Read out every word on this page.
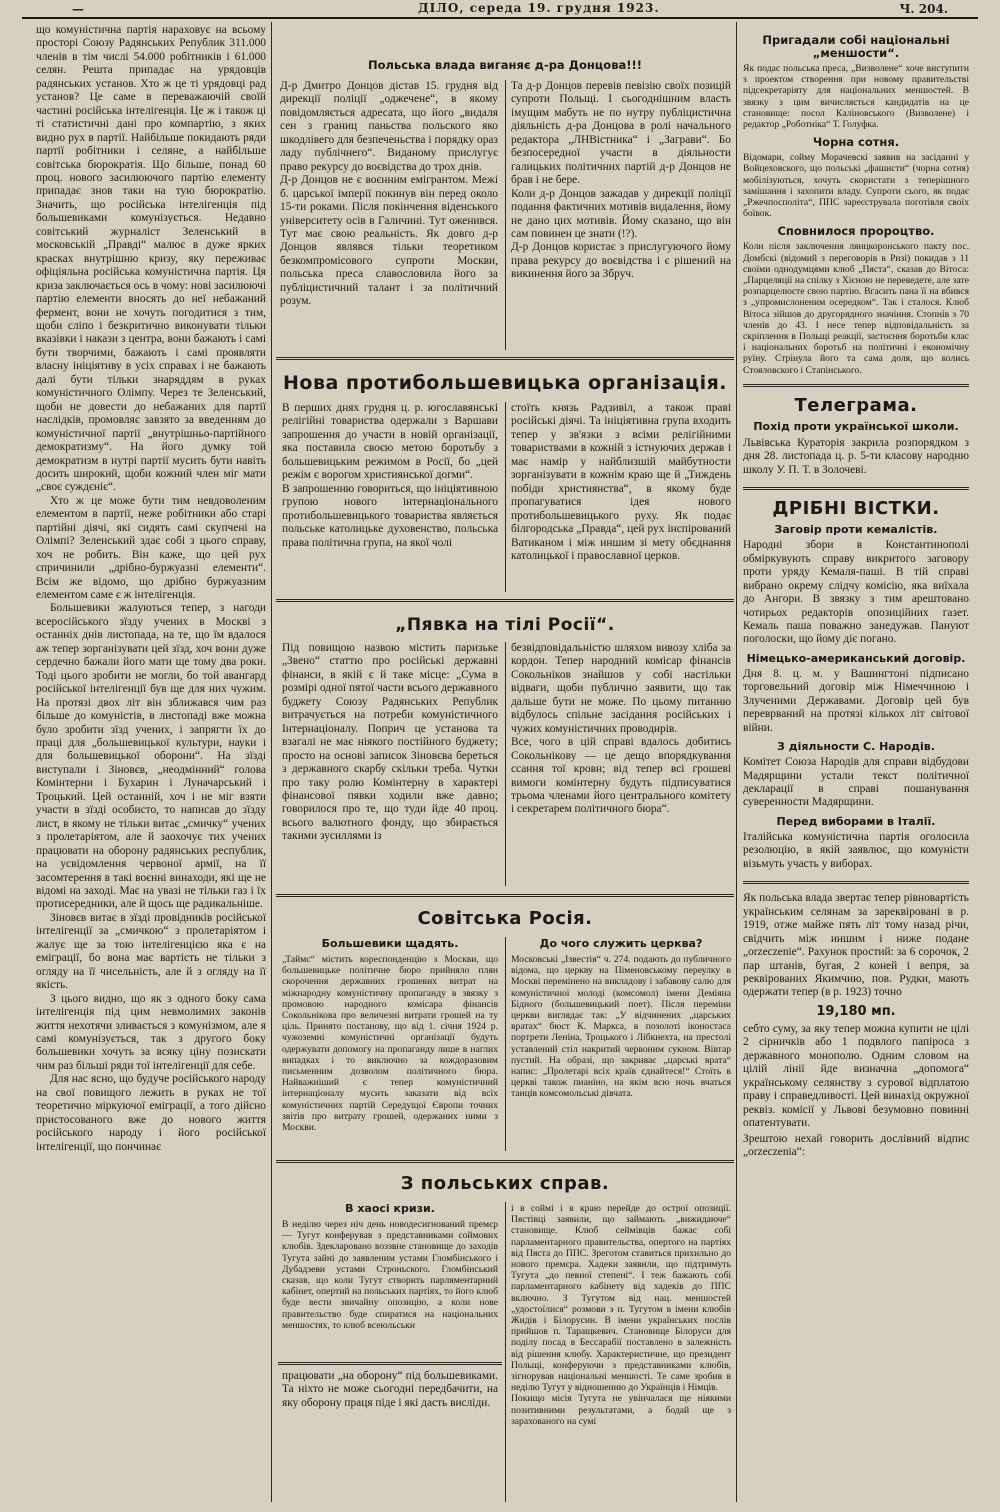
—	ДІЛО, середа 19. грудня 1923.	Ч. 204.

що комуністична партія нараховує на всьому просторі Союзу Радянських Републик 311.000 членів в тім числі 54.000 робітників і 61.000 селян. Решта припадає на урядовців радянських установ. Хто ж це ті урядовці рад установ? Це саме в переважаючій своїй частині російська інтелігенція. Це ж і також ці ті статистичні дані про компартію, з яких видно рух в партії. Найбільше покидають ряди партії робітники і селяне, а найбільше совітська бюрократія. Що більше, понад 60 проц. нового засилюючого партію елементу припадає знов таки на тую бюрократію. Значить, що російська інтелігенція під большевиками комунізується. Недавно совітський журналіст Зеленський в московській „Правді“ малює в дуже ярких красках внутрішню кризу, яку переживає офіціяльна російська комуністична партія. Ця криза заключається ось в чому: нові засилюючі партію елементи вносять до неї небажаний фермент, вони не хочуть погодитися з тим, щоби сліпо і безкритично виконувати тільки вказівки і накази з центра, вони бажають і самі бути творчими, бажають і самі проявляти власну ініціятиву в усіх справах і не бажають далі бути тільки знаряддям в руках комуністичного Олімпу. Через те Зеленський, щоби не довести до небажаних для партії наслідків, промовляє завзято за введенням до комуністичної партії „внутрішньо-партійного демократизму“. На його думку той демократизм в нутрі партії мусить бути навіть досить широкий, щоби кожний член міг мати „своє суждєніє“.

Хто ж це може бути тим невдоволеним елементом в партії, неже робітники або старі партійні діячі, які сидять самі скупчені на Олімпі? Зеленський здає собі з цього справу, хоч не робить. Він каже, що цей рух спричинили „дрібно-буржуазні елементи“. Всім же відомо, що дрібно буржуазним елементом саме є ж інтелігенція.

Большевики жалуються тепер, з нагоди всеросійського зїзду учених в Москві з останніх днів листопада, на те, що їм вдалося аж тепер зорганізувати цей зїзд, хоч вони дуже сердечно бажали його мати ще тому два роки. Тоді цього зробити не могли, бо той авангард російської інтелігенції був ще для них чужим. На протязі двох літ він зближався чим раз більше до комуністів, в листопаді вже можна було зробити зїзд учених, і запрягти їх до праці для „большевицької культури, науки і для большевицької оборони“. На зїзді виступали і Зіновєв, „неодмінний“ голова Комінтерни і Бухарин і Луначарський і Троцький. Цей останній, хоч і не міг взяти участи в зїзді особисто, то написав до зїзду лист, в якому не тільки витає „смичку“ учених з пролетаріятом, але й заохочує тих учених працювати на оборону радянських республик, на усвідомлення червоної армії, на її засомтерення в такі воєнні винаходи, які ще не відомі на заході. Має на увазі не тільки газ і їх протисередники, але й щось ще радикальніше.

Зіновєв витає в зїзді провідників російської інтелігенції за „смичкою“ з пролетаріятом і жалує ще за тою інтелігенцією яка є на еміграції, бо вона має вартість не тільки з огляду на її чисельність, але й з огляду на її якість.

З цього видно, що як з одного боку сама інтелігенція під цим невмолимих законів життя нехотячи зливається з комунізмом, але я самі комунізується, так з другого боку большевики хочуть за всяку ціну позискати чим раз більші ряди тої інтелігенції для себе.

Для нас ясно, що будуче російського народу на свої повищого лежить в руках не тої теоретично міркуючої еміграції, а того дійсно пристосованого вже до нового життя російського народу і його російської інтелігенції, що пончинає

Польська влада виганяє д-ра Донцова!!!
Д-р Дмитро Донцов дістав 15. грудня від дирекції поліції „оджечене“, в якому повідомляється адресата, що його „видаля сен з границ паньства польского яко шкодлівего для безпеченьства і порядку ораз ладу публічнего“. Виданому прислугує право рекурсу до воєвідства до трох днів.
Д-р Донцов не є воєнним емігрантом. Межі б. царської імперії покинув він перед около 15-ти роками. Після покінчення віденського університету осів в Галичині. Тут оженився. Тут має свою реальність. Як довго д-р Донцов являвся тільки теоретиком безкомпромісового супроти Москви, польська преса славословила його за публіцистичний талант і за політичний розум.
Та д-р Донцов перевів певізію своїх позицій супроти Польщі. І сьогоднішним власть імущим мабуть не по нутру публіцистична діяльність д-ра Донцова в ролі начального редактора „ЛНВістника“ і „Заграви“. Бо безпосередної участи в діяльности галицьких політичних партій д-р Донцов не брав і не бере.
Коли д-р Донцов зажадав у дирекції поліції подання фактичних мотивів видалення, йому не дано цих мотивів. Йому сказано, що він сам повинен це знати (!?).
Д-р Донцов користає з прислугуючого йому права рекурсу до воєвідства і є рішений на викинення його за Збруч.
Нова протибольшевицька організація.
В перших днях грудня ц. р. югославянські релігійні товариства одержали з Варшави запрошення до участи в новій організації, яка поставила своєю метою боротьбу з большевицьким режимом в Росії, бо „цей режім є ворогом християнської догми“.
В запрошенню говориться, що ініціятивною групою нового інтернаціонального протибольшевицького товариства являється польське католицьке духовенство, польська права політична група, на якої чолі
стоїть князь Радзивіл, а також праві російські діячі. Та ініціятивна група входить тепер у зв'язки з всіми релігійними товариствами в кожній з істнуючих держав і має намір у найблизшій майбутности зорганізувати в кожнім краю ще й „Тиждень побіди християнства“, в якому буде пропагуватися ідея нового протибольшевицького руху. Як подає білгородська „Правда“, цей рух інспірований Ватиканом і між иншим зі мету обєднання католицької і православної церков.
„Пявка на тілі Росії“.
Під повищою назвою містить паризьке „Звено“ статтю про російські державні фінанси, в якій є й таке місце: „Сума в розмірі одної пятої части всього державного буджету Союзу Радянських Републик витрачується на потреби комуністичного Інтернаціоналу. Поприч це установа та взагалі не має ніякого постійного буджету; просто на основі записок Зіновєва береться з державного скарбу скільки треба. Чутки про таку ролю Комінтерну в характері фінансової пявки ходили вже давно; говорилося про те, що туди йде 40 проц. всього валютного фонду, що збирається такими зусиллями із
безвідповідальністю шляхом вивозу хліба за кордон. Тепер народний комісар фінансів Сокольніков знайшов у собі настільки відваги, щоби публично заявити, що так дальше бути не може. По цьому питанню відбулось спільне засідання російських і чужих комуністичних проводирів.
Все, чого в цій справі вдалось добитись Сокольнікову — це дещо впорядкування ссання тої кровн; від тепер всі грошеві вимоги комінтерну будуть підписуватися трьома членами його центрального комітету і секретарем політичного бюра“.
Совітська Росія.
Большевики щадять.
„Таймс“ містить кореспонденцію з Москви, що большевицьке політичне бюро прийняло плян скорочення державних грошевих витрат на міжнародну комуністичну пропаганду в звязку з промовою народного комісара фінансів Сокольнікова про величезні витрати грошей на ту ціль. Принято постанову, що від 1. січня 1924 р. чужоземні комуністичні організації будуть одержувати допомогу на пропаганду лише в наглих випадках і то виключно за кождоразовим письменним дозволом політичного бюра. Найважніший є тепер комуністичний інтернаціоналу мусить заказати від всіх комуністичних партій Середущої Європи точних звітів про витрату грошей, одержаних ними з Москви.
До чого служить церква?
Московські „Ізвестія“ ч. 274. подають до публичного відома, що церкву на Піменовському переулку в Москві перемінено на викладову і забавову салю для комуністичної молоді (комсомол) імени Деміяна Бідного (большевицький поет). Після переміни церкви виглядає так: „У відчинених „царських вратах“ бюст К. Маркса, в позолоті іконостаса портрети Леніна, Троцького і Лібкнехта, на престолі уставлений стіл накритий червоним сукном. Вівтар пустий. На образі, що закриває „царські врата“ напис: „Пролетарі всіх країв єднайтеся!“ Стоїть в церкві також пианіно, на якім всю ночь вчаться танців комсомольські дівчата.
З польських справ.
В хаосі кризи.
В неділю через ніч день новодесигнований премєр — Тугут конферував з представниками соймових клюбів. Здекларовано воззвне становище до заходів Тугута зайні до заявленим устами Гломбінського і Дубадзеви устами Строньского. Гломбінський сказав, що коли Тугут створить парляментарний кабінет, опертий на польських партіях, то його клюб буде вести звичайну опозицію, а коли нове правительство буде спиратися на національних меншостях, то клюб всеюльськи
і в соймі і в краю перейде до острої опозиції. Пястівці заявили, що займають „вижидаюче“ становище. Клюб сеймівців бажає собі парламентарного правительства, опертого на партіях від Пяста до ППС. Зреготом ставиться прихильно до нового премєра. Хадеки заявили, що підтримуть Тугута „до певної степені“. І теж бажають собі парламентарного кабінету від хадеків до ППС включно. З Тугутом від нац. меншостей „удостоїлися“ розмови з п. Тугутом в імени клюбів Жидів і Білорусин. В імени українських послів прийшов п. Таращкевич. Становище Білоруси для поділу посад в Бессарабії поставлено в залежність від рішення клюбу. Характеристичне, що президент Польщі, конферуючи з представниками клюбів, зігнорував національні меншості. Те саме зробив в неділю Тугут у відношенню до Українців і Німців.
Покищо місія Тугута не увінчалася ще ніякими позитивними результатами, а бодай ще з зарахованого на сумі
працювати „на оборону“ під большевиками. Та ніхто не може сьогодні передбачити, на яку оборону праця піде і які дасть висліди.
Пригадали собі національні „меншости“.
Як подає польська преса, „Визволене“ хоче виступити з проектом створення при новому правительстві підсекретаріяту для національних меншостей. В звязку з цим вичисляється кандидатів на це становище: посол Каліновського (Визволене) і редактор „Роботніка“ Т. Голуфка.
Чорна сотня.
Відомари, сойму Морачевскі заявив на засіданні у Войцеховского, що польські „фашисти“ (чорна сотня) мобілізуються, хочуть скористати з теперішного замішання і захопити владу. Супроти сього, як подає „Ржечпосполіта“, ППС зареєструвала поготівля своїх боївок.
Сповнилося пророцтво.
Коли після заключення лянцкоронського пакту пос. Домбскі (відомий з переговорів в Ризі) покидав з 11 своїми однодумцями клюб „Пяста“, сказав до Вітоса: „Парцеляції на спілку з Хієною не переведете, але зате розпарцелюєте свою партію. Вгасить пана її на вбився з „упромислоненим осередком“. Так і сталося. Клюб Вітоса зійшов до другорядного значіння. Стопнів з 70 членів до 43. І несе тепер відповідальність за скріплення в Польщі реакції, застоєння боротьби клас і національних боротьб на політичні і економічну руїну. Стрінула його та сама доля, що колись Стояловского і Стапінського.
Телеграма.
Похід проти української школи.
Львівська Кураторія закрила розпорядком з дня 28. листопада ц. р. 5-ти класову народню школу У. П. Т. в Золочеві.
ДРІБНІ ВІСТКИ.
Заговір проти кемалістів.
Народні збори в Константинополі обміркувують справу викритого заговору проти уряду Кемаля-паші. В тій справі вибрано окрему слідчу комісію, яка виїхала до Ангори. В звязку з тим арештовано чотирьох редакторів опозиційних газет. Кемаль паша поважно занедужав. Пануют поголоски, що йому діє погано.
Німецько-американський договір.
Дня 8. ц. м. у Вашингтоні підписано торговельний договір між Німеччиною і Злученими Державами. Договір цей був переврваний на протязі кількох літ світової війни.
З діяльности С. Народів.
Комітет Союза Народів для справи відбудови Мадярщини устали текст політичної декларації в справі пошанування суверенности Мадярщини.
Перед виборами в Італії.
Італійська комуністична партія оголосила резолюцію, в якій заявлює, що комуністи візьмуть участь у виборах.
Як польська влада звертає тепер рівновартість українським селянам за зареквіровані в р. 1919, отже майже пять літ тому назад річи, свідчить між иншим і ниже подане „orzeczenie“. Рахунок простий: за 6 сорочок, 2 пар штанів, бугая, 2 коней і вепря, за реквірованих Якимчию, пов. Рудки, мають одержати тепер (в р. 1923) точно
19,180 мп.
себто суму, за яку тепер можна купити не цілі 2 сірничків або 1 подвлого папіроса з державного монополю. Одним словом на цілій лінії йде визначна „допомога“ українському селянству з сурової відплатою праву і справедливості. Цей винахід окружної реквіз. комісії у Львові безумовно повинні опатентувати.
Зрештою нехай говорить дослівний відпис „orzeczenia“:
